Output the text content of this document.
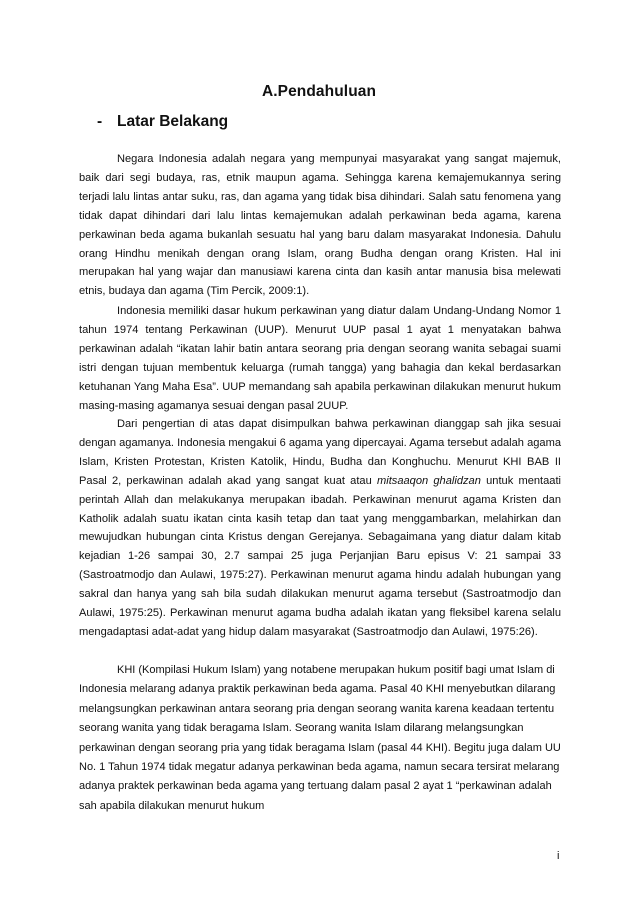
A.Pendahuluan
- Latar Belakang

Negara Indonesia adalah negara yang mempunyai masyarakat yang sangat majemuk, baik dari segi budaya, ras, etnik maupun agama. Sehingga karena kemajemukannya sering terjadi lalu lintas antar suku, ras, dan agama yang tidak bisa dihindari. Salah satu fenomena yang tidak dapat dihindari dari lalu lintas kemajemukan adalah perkawinan beda agama, karena perkawinan beda agama bukanlah sesuatu hal yang baru dalam masyarakat Indonesia. Dahulu orang Hindhu menikah dengan orang Islam, orang Budha dengan orang Kristen. Hal ini merupakan hal yang wajar dan manusiawi karena cinta dan kasih antar manusia bisa melewati etnis, budaya dan agama (Tim Percik, 2009:1).

Indonesia memiliki dasar hukum perkawinan yang diatur dalam Undang-Undang Nomor 1 tahun 1974 tentang Perkawinan (UUP). Menurut UUP pasal 1 ayat 1 menyatakan bahwa perkawinan adalah “ikatan lahir batin antara seorang pria dengan seorang wanita sebagai suami istri dengan tujuan membentuk keluarga (rumah tangga) yang bahagia dan kekal berdasarkan ketuhanan Yang Maha Esa”. UUP memandang sah apabila perkawinan dilakukan menurut hukum masing-masing agamanya sesuai dengan pasal 2UUP.

Dari pengertian di atas dapat disimpulkan bahwa perkawinan dianggap sah jika sesuai dengan agamanya. Indonesia mengakui 6 agama yang dipercayai. Agama tersebut adalah agama Islam, Kristen Protestan, Kristen Katolik, Hindu, Budha dan Konghuchu. Menurut KHI BAB II Pasal 2, perkawinan adalah akad yang sangat kuat atau mitsaaqon ghalidzan untuk mentaati perintah Allah dan melakukanya merupakan ibadah. Perkawinan menurut agama Kristen dan Katholik adalah suatu ikatan cinta kasih tetap dan taat yang menggambarkan, melahirkan dan mewujudkan hubungan cinta Kristus dengan Gerejanya. Sebagaimana yang diatur dalam kitab kejadian 1-26 sampai 30, 2.7 sampai 25 juga Perjanjian Baru episus V: 21 sampai 33 (Sastroatmodjo dan Aulawi, 1975:27). Perkawinan menurut agama hindu adalah hubungan yang sakral dan hanya yang sah bila sudah dilakukan menurut agama tersebut (Sastroatmodjo dan Aulawi, 1975:25). Perkawinan menurut agama budha adalah ikatan yang fleksibel karena selalu mengadaptasi adat-adat yang hidup dalam masyarakat (Sastroatmodjo dan Aulawi, 1975:26).

KHI (Kompilasi Hukum Islam) yang notabene merupakan hukum positif bagi umat Islam di Indonesia melarang adanya praktik perkawinan beda agama. Pasal 40 KHI menyebutkan dilarang melangsungkan perkawinan antara seorang pria dengan seorang wanita karena keadaan tertentu seorang wanita yang tidak beragama Islam. Seorang wanita Islam dilarang melangsungkan perkawinan dengan seorang pria yang tidak beragama Islam (pasal 44 KHI). Begitu juga dalam UU No. 1 Tahun 1974 tidak megatur adanya perkawinan beda agama, namun secara tersirat melarang adanya praktek perkawinan beda agama yang tertuang dalam pasal 2 ayat 1 “perkawinan adalah sah apabila dilakukan menurut hukum

i
